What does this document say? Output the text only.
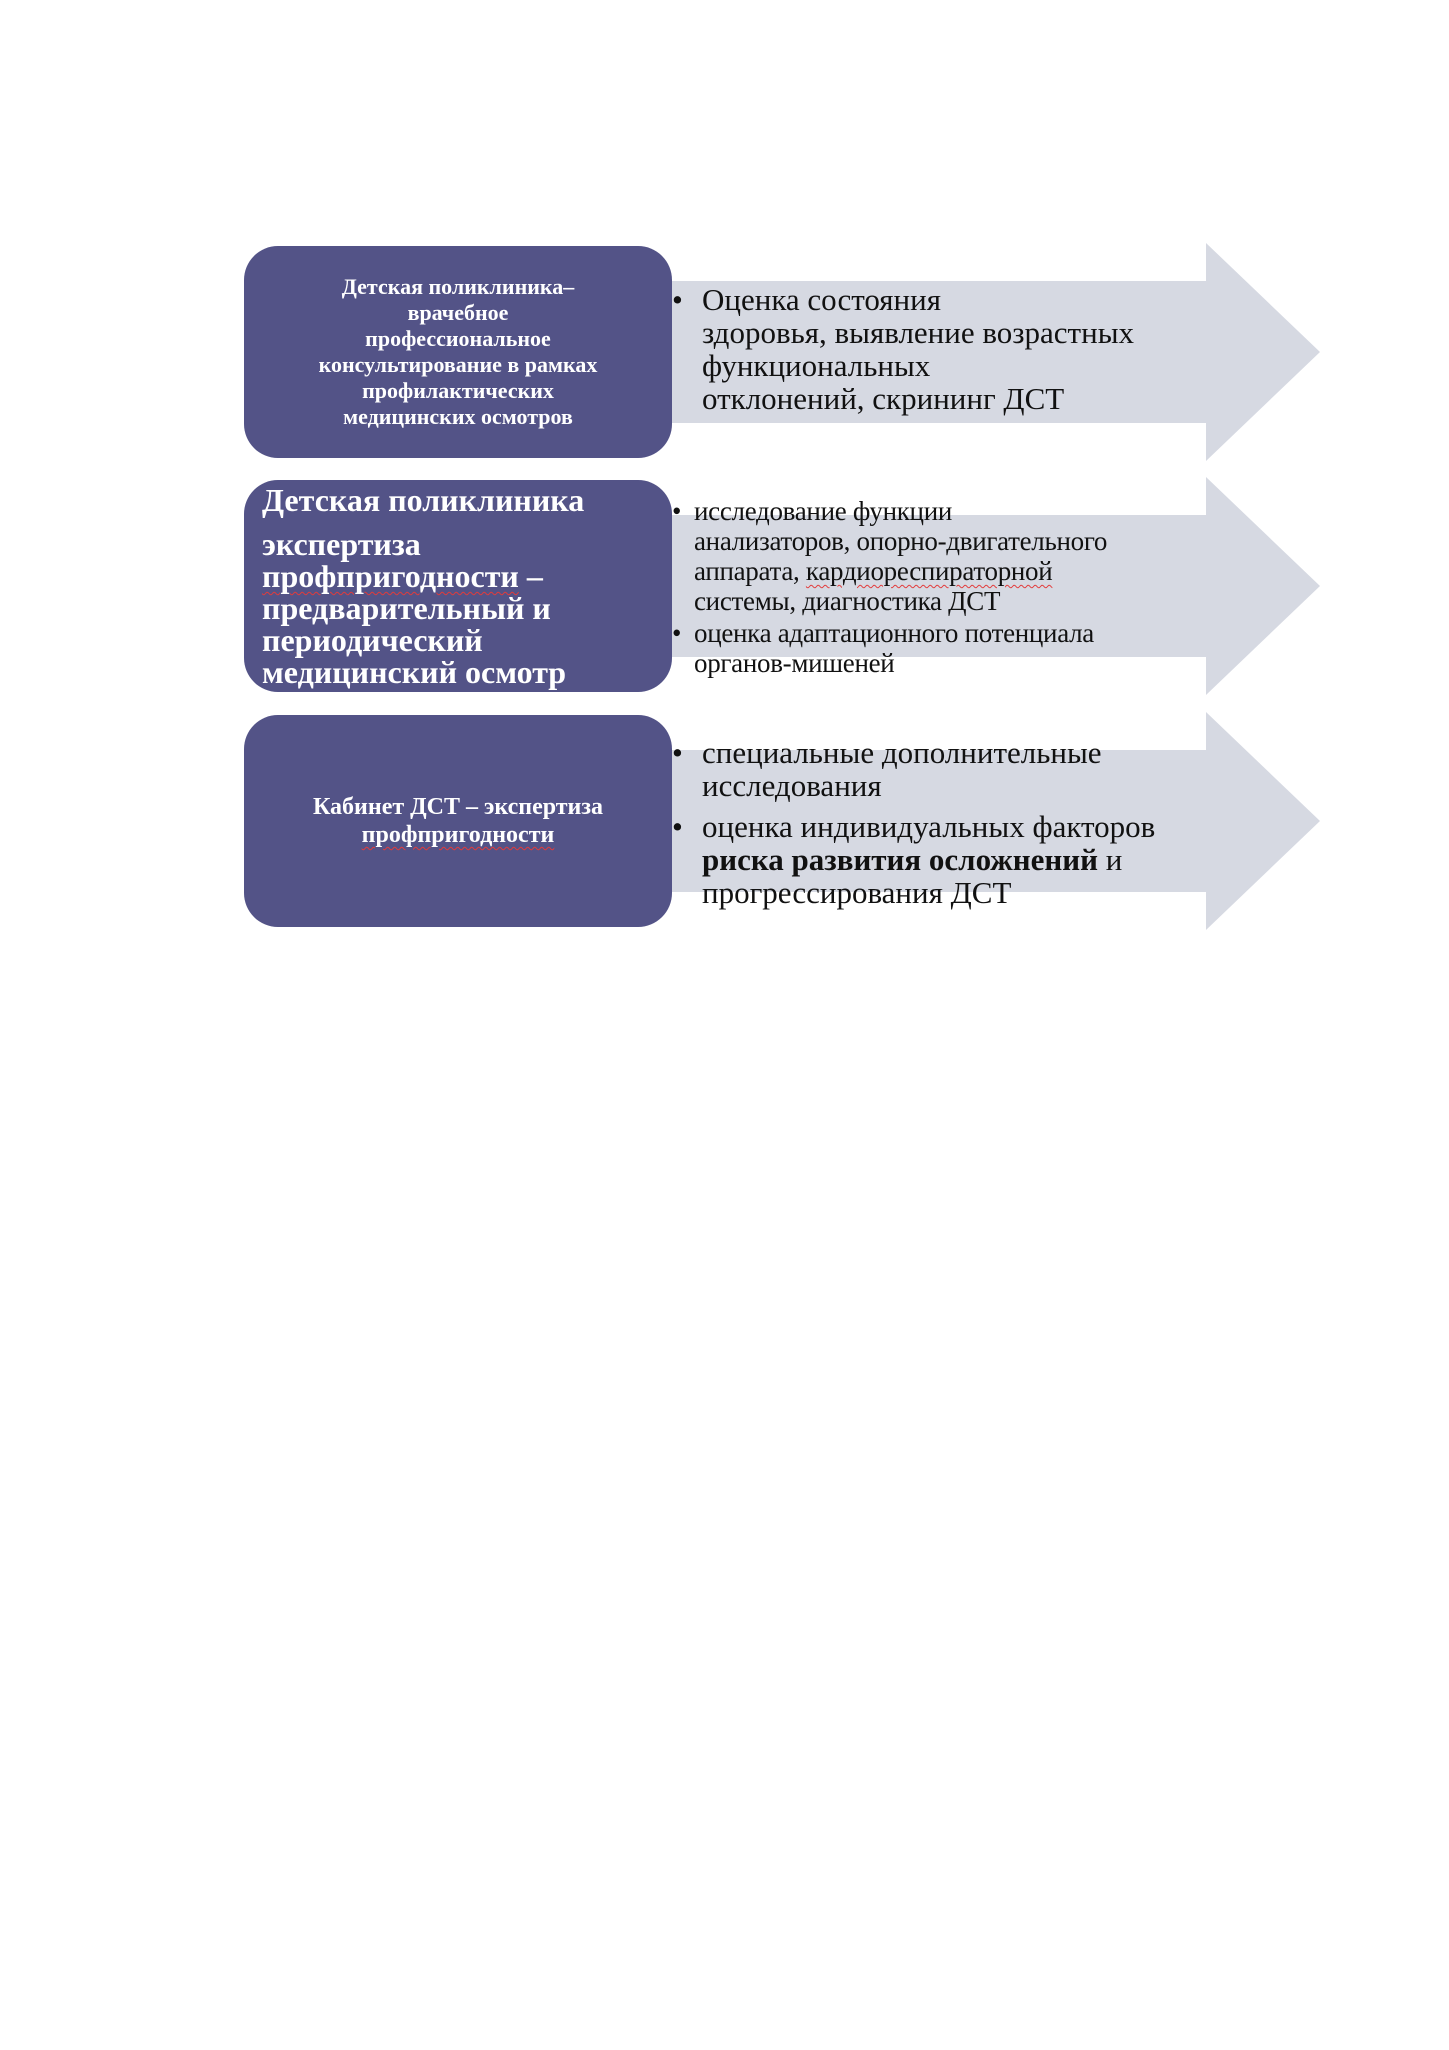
Детская поликлиника–
врачебное
профессиональное
консультирование в рамках
профилактических
медицинских осмотров
• Оценка состояния
здоровья, выявление возрастных
функциональных
отклонений, скрининг ДСТ
Детская поликлиника
экспертиза
профпригодности –
предварительный и
периодический
медицинский осмотр
• исследование функции
анализаторов, опорно-двигательного
аппарата, кардиореспираторной
системы, диагностика ДСТ
• оценка адаптационного потенциала
органов-мишеней
Кабинет ДСТ – экспертиза
профпригодности
• специальные дополнительные
исследования
• оценка индивидуальных факторов
риска развития осложнений и
прогрессирования ДСТ
